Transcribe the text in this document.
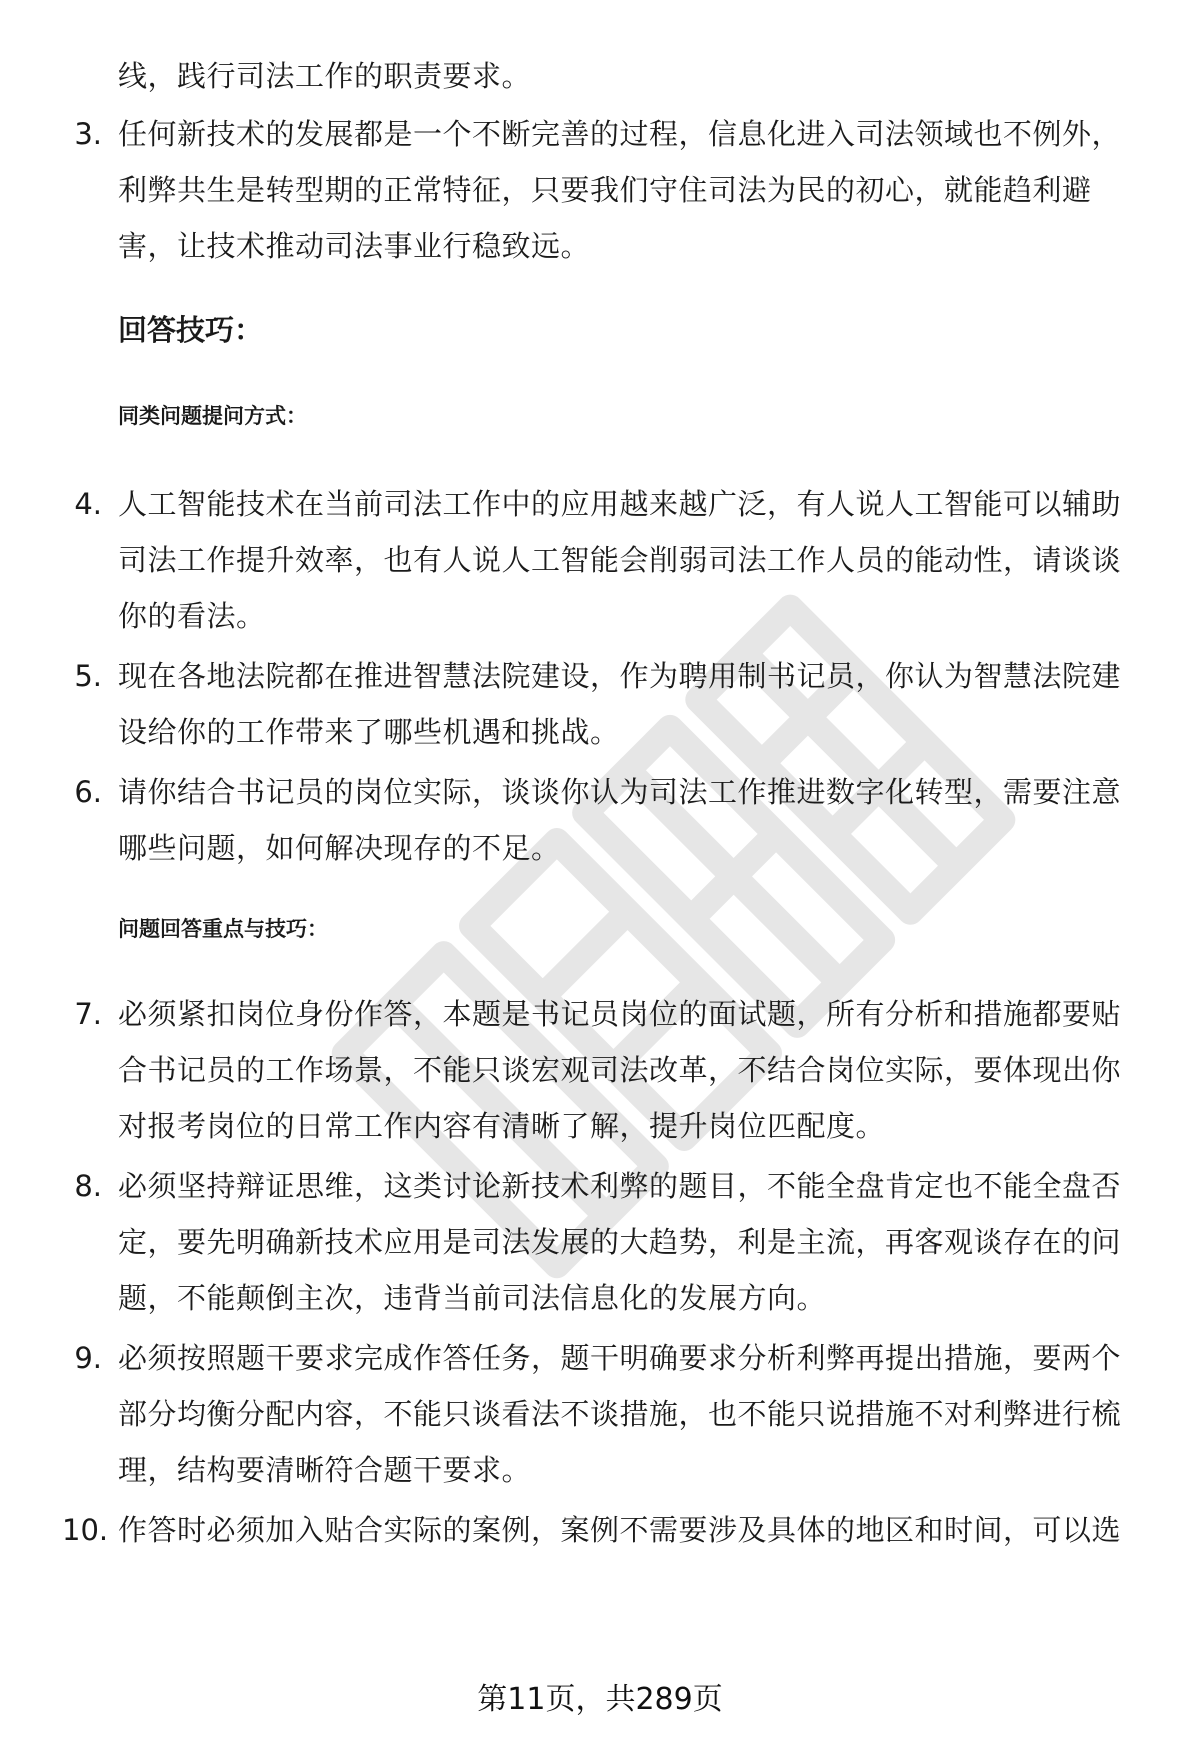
线，践行司法工作的职责要求。
3. 任何新技术的发展都是一个不断完善的过程，信息化进入司法领域也不例外，
利弊共生是转型期的正常特征，只要我们守住司法为民的初心，就能趋利避
害，让技术推动司法事业行稳致远。
回答技巧：
同类问题提问方式：
4. 人工智能技术在当前司法工作中的应用越来越广泛，有人说人工智能可以辅助
司法工作提升效率，也有人说人工智能会削弱司法工作人员的能动性，请谈谈
你的看法。
5. 现在各地法院都在推进智慧法院建设，作为聘用制书记员，你认为智慧法院建
设给你的工作带来了哪些机遇和挑战。
6. 请你结合书记员的岗位实际，谈谈你认为司法工作推进数字化转型，需要注意
哪些问题，如何解决现存的不足。
问题回答重点与技巧：
7. 必须紧扣岗位身份作答，本题是书记员岗位的面试题，所有分析和措施都要贴
合书记员的工作场景，不能只谈宏观司法改革，不结合岗位实际，要体现出你
对报考岗位的日常工作内容有清晰了解，提升岗位匹配度。
8. 必须坚持辩证思维，这类讨论新技术利弊的题目，不能全盘肯定也不能全盘否
定，要先明确新技术应用是司法发展的大趋势，利是主流，再客观谈存在的问
题，不能颠倒主次，违背当前司法信息化的发展方向。
9. 必须按照题干要求完成作答任务，题干明确要求分析利弊再提出措施，要两个
部分均衡分配内容，不能只谈看法不谈措施，也不能只说措施不对利弊进行梳
理，结构要清晰符合题干要求。
10. 作答时必须加入贴合实际的案例，案例不需要涉及具体的地区和时间，可以选
第11页，共289页
